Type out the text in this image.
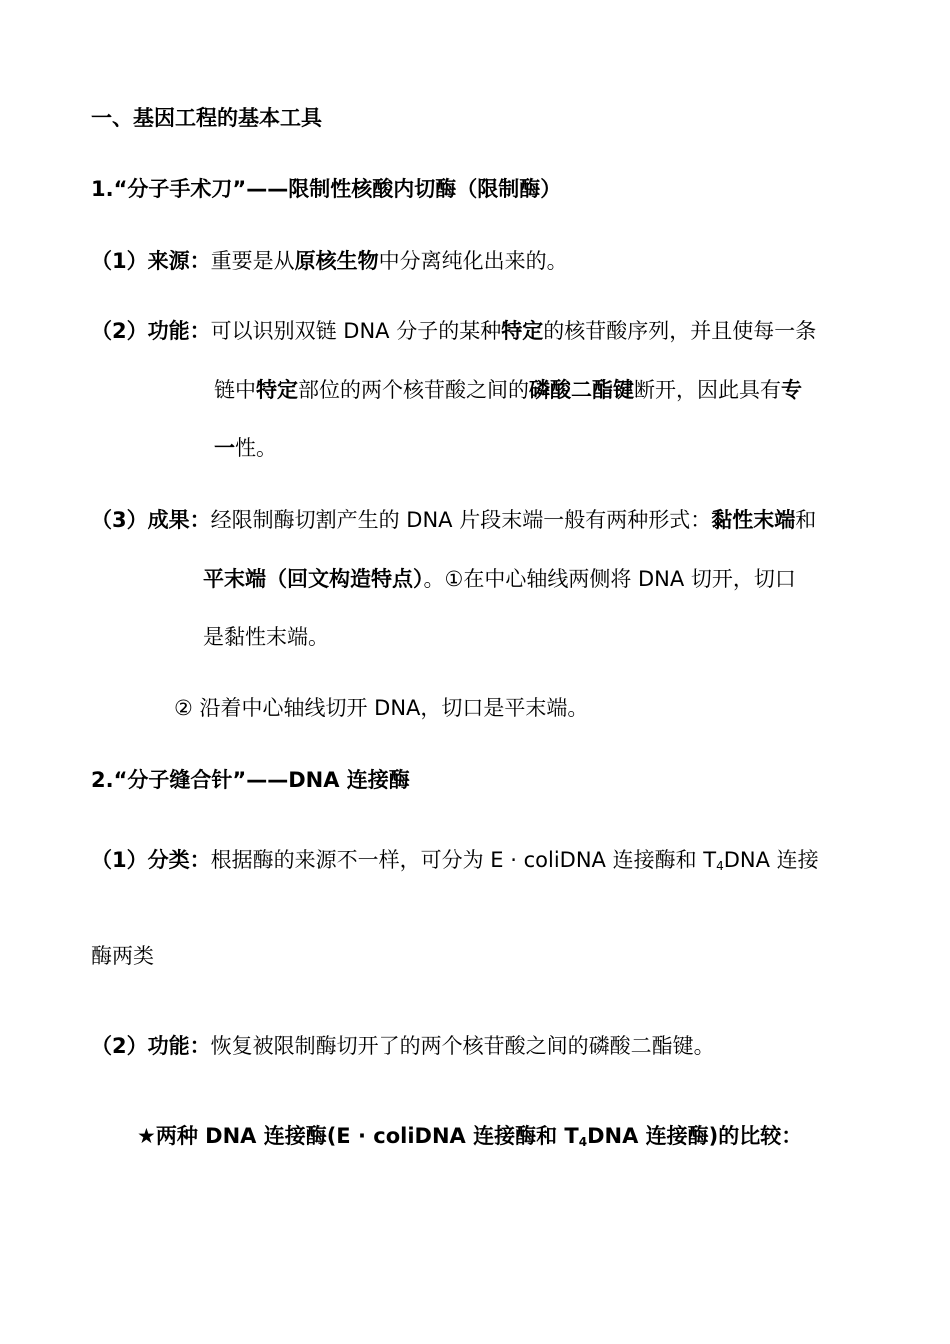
一、基因工程的基本工具
1.“分子手术刀”——限制性核酸内切酶（限制酶）
（1）来源：重要是从原核生物中分离纯化出来的。
（2）功能：可以识别双链 DNA 分子的某种特定的核苷酸序列，并且使每一条
链中特定部位的两个核苷酸之间的磷酸二酯键断开，因此具有专
一性。
（3）成果：经限制酶切割产生的 DNA 片段末端一般有两种形式：黏性末端和
平末端（回文构造特点）。①在中心轴线两侧将 DNA 切开，切口
是黏性末端。
② 沿着中心轴线切开 DNA，切口是平末端。
2.“分子缝合针”——DNA 连接酶
（1）分类：根据酶的来源不一样，可分为 E · coliDNA 连接酶和 $T_4DNA$ 连接
酶两类
（2）功能：恢复被限制酶切开了的两个核苷酸之间的磷酸二酯键。
★两种 DNA 连接酶(E · coliDNA 连接酶和 $T_4DNA$ 连接酶)的比较：
